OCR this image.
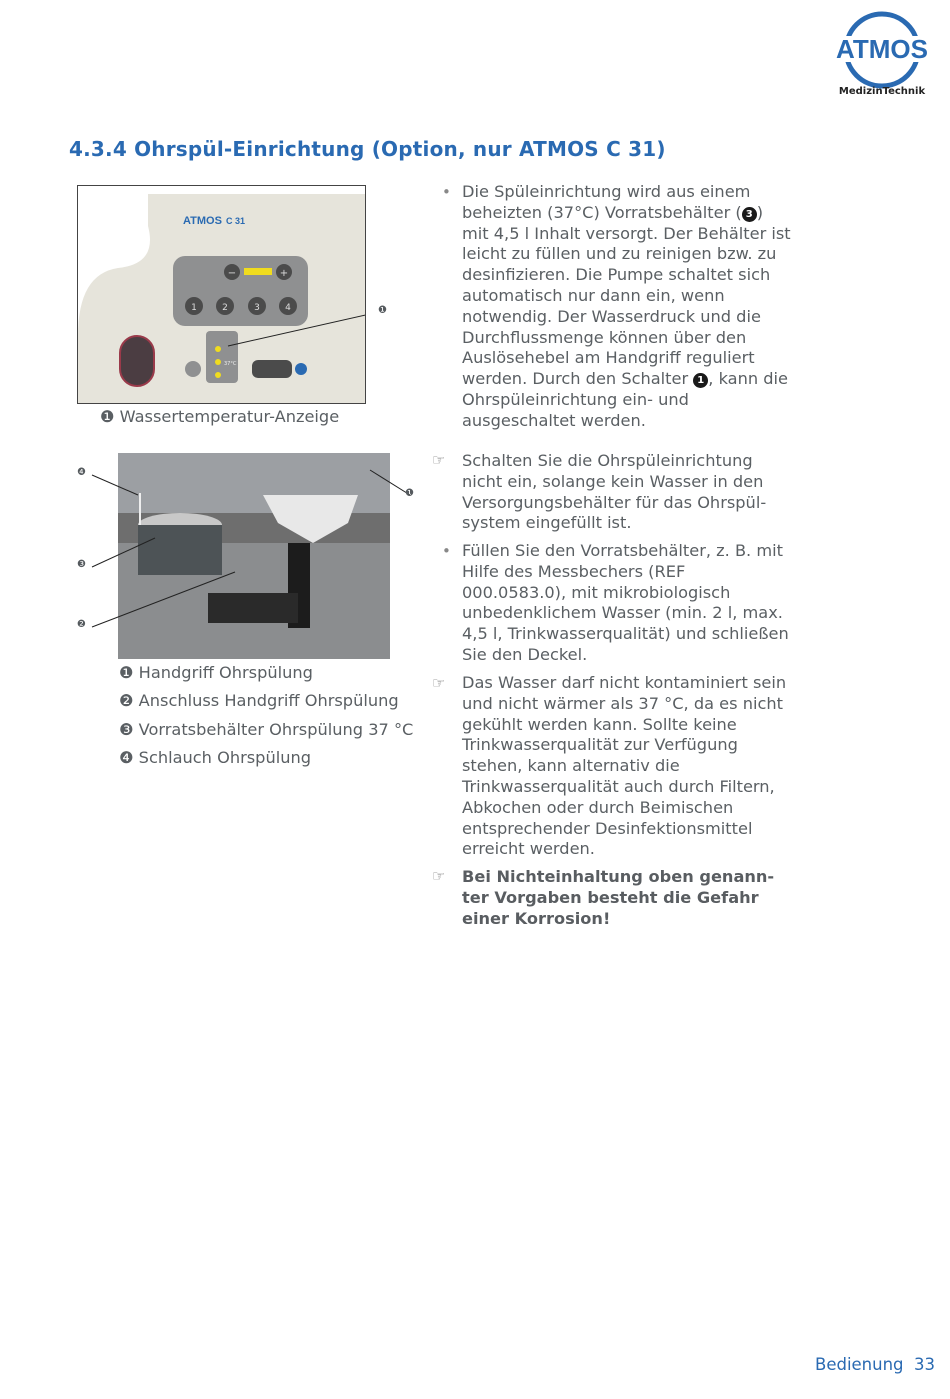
ATMOS
MedizinTechnik
4.3.4 Ohrspül-Einrichtung (Option, nur ATMOS C 31)
ATMOS C 31
−	+
1	2	3	4
37°C
❶
❶ Wassertemperatur-Anzeige
❹
❸
❷
❶
❶ Handgriff Ohrspülung
❷ Anschluss Handgriff Ohrspülung
❸ Vorratsbehälter Ohrspülung 37 °C
❹ Schlauch Ohrspülung
• Die Spüleinrichtung wird aus einem beheizten (37°C) Vorratsbehälter ( 3 ) mit 4,5 l Inhalt versorgt. Der Behälter ist leicht zu füllen und zu reinigen bzw. zu desinfizieren. Die Pumpe schaltet sich automatisch nur dann ein, wenn notwendig. Der Wasserdruck und die Durchflussmenge können über den Auslösehebel am Handgriff reguliert werden. Durch den Schalter 1 , kann die Ohrspüleinrichtung ein- und ausgeschaltet werden.
☞ Schalten Sie die Ohrspüleinrichtung nicht ein, solange kein Wasser in den Versorgungsbehälter für das Ohrspülsystem eingefüllt ist.
• Füllen Sie den Vorratsbehälter, z. B. mit Hilfe des Messbechers (REF 000.0583.0), mit mikrobiologisch unbedenklichem Wasser (min. 2 l, max. 4,5 l, Trinkwasserqualität) und schließen Sie den Deckel.
☞ Das Wasser darf nicht kontaminiert sein und nicht wärmer als 37 °C, da es nicht gekühlt werden kann. Sollte keine Trinkwasserqualität zur Verfügung stehen, kann alternativ die Trinkwasserqualität auch durch Filtern, Abkochen oder durch Beimischen entsprechender Desinfektionsmittel erreicht werden.
☞ Bei Nichteinhaltung oben genannter Vorgaben besteht die Gefahr einer Korrosion!
Bedienung 33
